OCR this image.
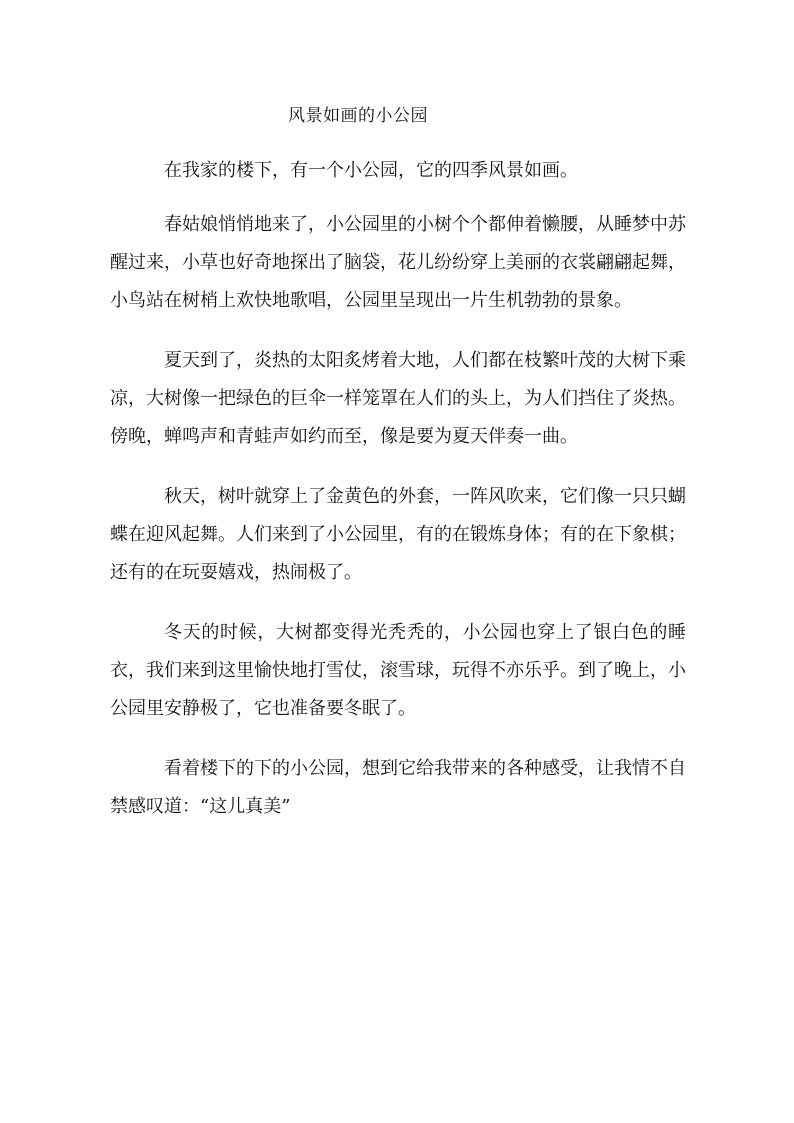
风景如画的小公园

在我家的楼下，有一个小公园，它的四季风景如画。

春姑娘悄悄地来了，小公园里的小树个个都伸着懒腰，从睡梦中苏醒过来，小草也好奇地探出了脑袋，花儿纷纷穿上美丽的衣裳翩翩起舞，小鸟站在树梢上欢快地歌唱，公园里呈现出一片生机勃勃的景象。

夏天到了，炎热的太阳炙烤着大地，人们都在枝繁叶茂的大树下乘凉，大树像一把绿色的巨伞一样笼罩在人们的头上，为人们挡住了炎热。傍晚，蝉鸣声和青蛙声如约而至，像是要为夏天伴奏一曲。

秋天，树叶就穿上了金黄色的外套，一阵风吹来，它们像一只只蝴蝶在迎风起舞。人们来到了小公园里，有的在锻炼身体；有的在下象棋；还有的在玩耍嬉戏，热闹极了。

冬天的时候，大树都变得光秃秃的，小公园也穿上了银白色的睡衣，我们来到这里愉快地打雪仗，滚雪球，玩得不亦乐乎。到了晚上，小公园里安静极了，它也准备要冬眠了。

看着楼下的下的小公园，想到它给我带来的各种感受，让我情不自禁感叹道：“这儿真美”
